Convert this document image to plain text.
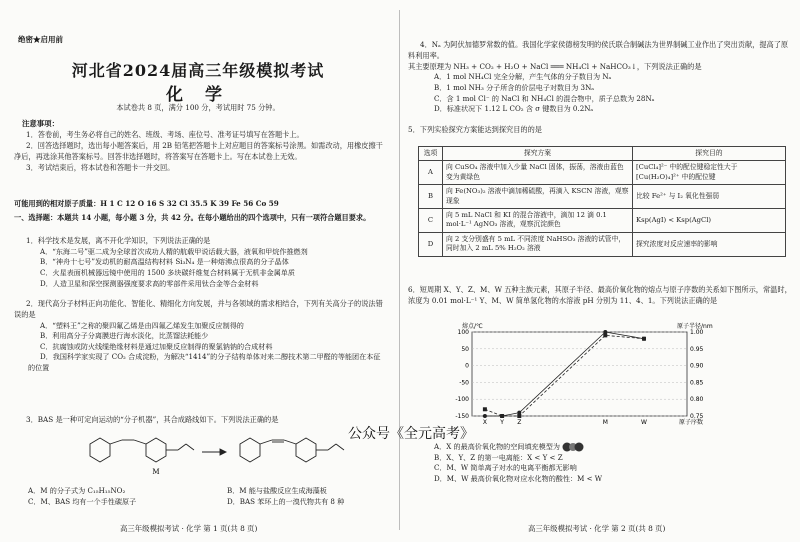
绝密★启用前
河北省2024届高三年级模拟考试
化 学
本试卷共 8 页，满分 100 分，考试用时 75 分钟。
注意事项：

1．答卷前，考生务必将自己的姓名、班级、考场、座位号、准考证号填写在答题卡上。

2．回答选择题时，选出每小题答案后，用 2B 铅笔把答题卡上对应题目的答案标号涂黑。如需改动，用橡皮擦干净后，再选涂其他答案标号。回答非选择题时，将答案写在答题卡上。写在本试卷上无效。

3．考试结束后，将本试卷和答题卡一并交回。

可能用到的相对原子质量：H 1 C 12 O 16 S 32 Cl 35.5 K 39 Fe 56 Co 59
一、选择题：本题共 14 小题，每小题 3 分，共 42 分。在每小题给出的四个选项中，只有一项符合题目要求。

1．科学技术是发展，离不开化学知识，下列说法正确的是

A．“东海二号”驱二成为全球首次成功人精的航载甲说话载大器，液氧和甲烷作推燃剂

B．“神舟十七号”发动机的耐高温结构材料 Si₃N₄ 是一种熔沸点很高的分子晶体

C．火星表面机械器远镜中使用的 1500 多块碳纤维复合材料属于无机非金属单质

D．人造卫星和深空探测器强度要求高的零部件采用钛合金等合金材料

2．现代高分子材料正向功能化、智能化、精细化方向发展，并与各领域的需求相结合，下列有关高分子的说法错误的是

A．“塑料王”之称的聚四氟乙烯是由四氟乙烯发生加聚反应制得的

B．利用高分子分离膜进行海水淡化，比蒸馏法耗能少

C．抗腐蚀或防火线缆绝缘材料是通过加聚反应制得的聚氯钠钠的合成材料

D．我国科学家实现了 CO₂ 合成淀粉，为解决“1414”的分子结构单体对来二醇技术第二甲醛的等能团在本征的位置

3．BAS 是一种可定向运动的“分子机器”，其合成路线如下。下列说法正确的是

M
A．M 的分子式为 C₁₅H₁₅NO₂	B．M 能与盐酸反应生成海藻板
C．M、BAS 均有一个手性碳原子	D．BAS 苯环上的一溴代物共有 8 种
高三年级模拟考试 · 化学 第 1 页(共 8 页)

4．Nₐ 为阿伏加德罗常数的值。我国化学家侯德榜发明的侯氏联合制碱法为世界制碱工业作出了突出贡献，提高了原料利用率。

其主要原理为 NH₃ + CO₂ + H₂O + NaCl ═══ NH₄Cl + NaHCO₃↓，下列说法正确的是

A．1 mol NH₄Cl 完全分解，产生气体的分子数目为 Nₐ

B．1 mol NH₃ 分子所含的价层电子对数目为 3Nₐ

C．含 1 mol Cl⁻ 的 NaCl 和 NH₄Cl 的混合物中，质子总数为 28Nₐ

D．标准状况下 1.12 L CO₂ 含 σ 键数目为 0.2Nₐ

5．下列实验探究方案能达到探究目的的是
选项	探究方案	探究目的
A	向 CuSO₄ 溶液中加入少量 NaCl 固体，振荡，溶液由蓝色变为黄绿色	[CuCl₄]²⁻ 中的配位键稳定性大于 [Cu(H₂O)₄]²⁺ 中的配位键
B	向 Fe(NO₃)₂ 溶液中滴加稀硫酸，再滴入 KSCN 溶液，观察现象	比较 Fe²⁺ 与 I₂ 氧化性强弱
C	向 5 mL NaCl 和 KI 的混合溶液中，滴加 12 滴 0.1 mol·L⁻¹ AgNO₃ 溶液，观察沉淀颜色	Ksp(AgI) < Ksp(AgCl)
D	向 2 支分别盛有 5 mL 不同浓度 NaHSO₃ 溶液的试管中，同时加入 2 mL 5% H₂O₂ 溶液	探究浓度对反应速率的影响
6．短周期 X、Y、Z、M、W 五种主族元素，其原子半径、最高价氧化物的熔点与原子序数的关系如下图所示，常温时，浓度为 0.01 mol·L⁻¹ Y、M、W 简单氢化物的水溶液 pH 分别为 11、4、1。下列说法正确的是
100
50
0
-50
-100
-150
1.00
0.95
0.90
0.85
0.80
0.75
X Y Z	M	W
熔点/℃	原子半径/nm
原子序数

A．X 的最高价氧化物的空间填充模型为

B．X、Y、Z 的第一电离能：X < Y < Z

C．M、W 简单离子对水的电离平衡都无影响

D．M、W 最高价氧化物对应水化物的酸性：M < W

高三年级模拟考试 · 化学 第 2 页(共 8 页)
公众号《全元高考》
